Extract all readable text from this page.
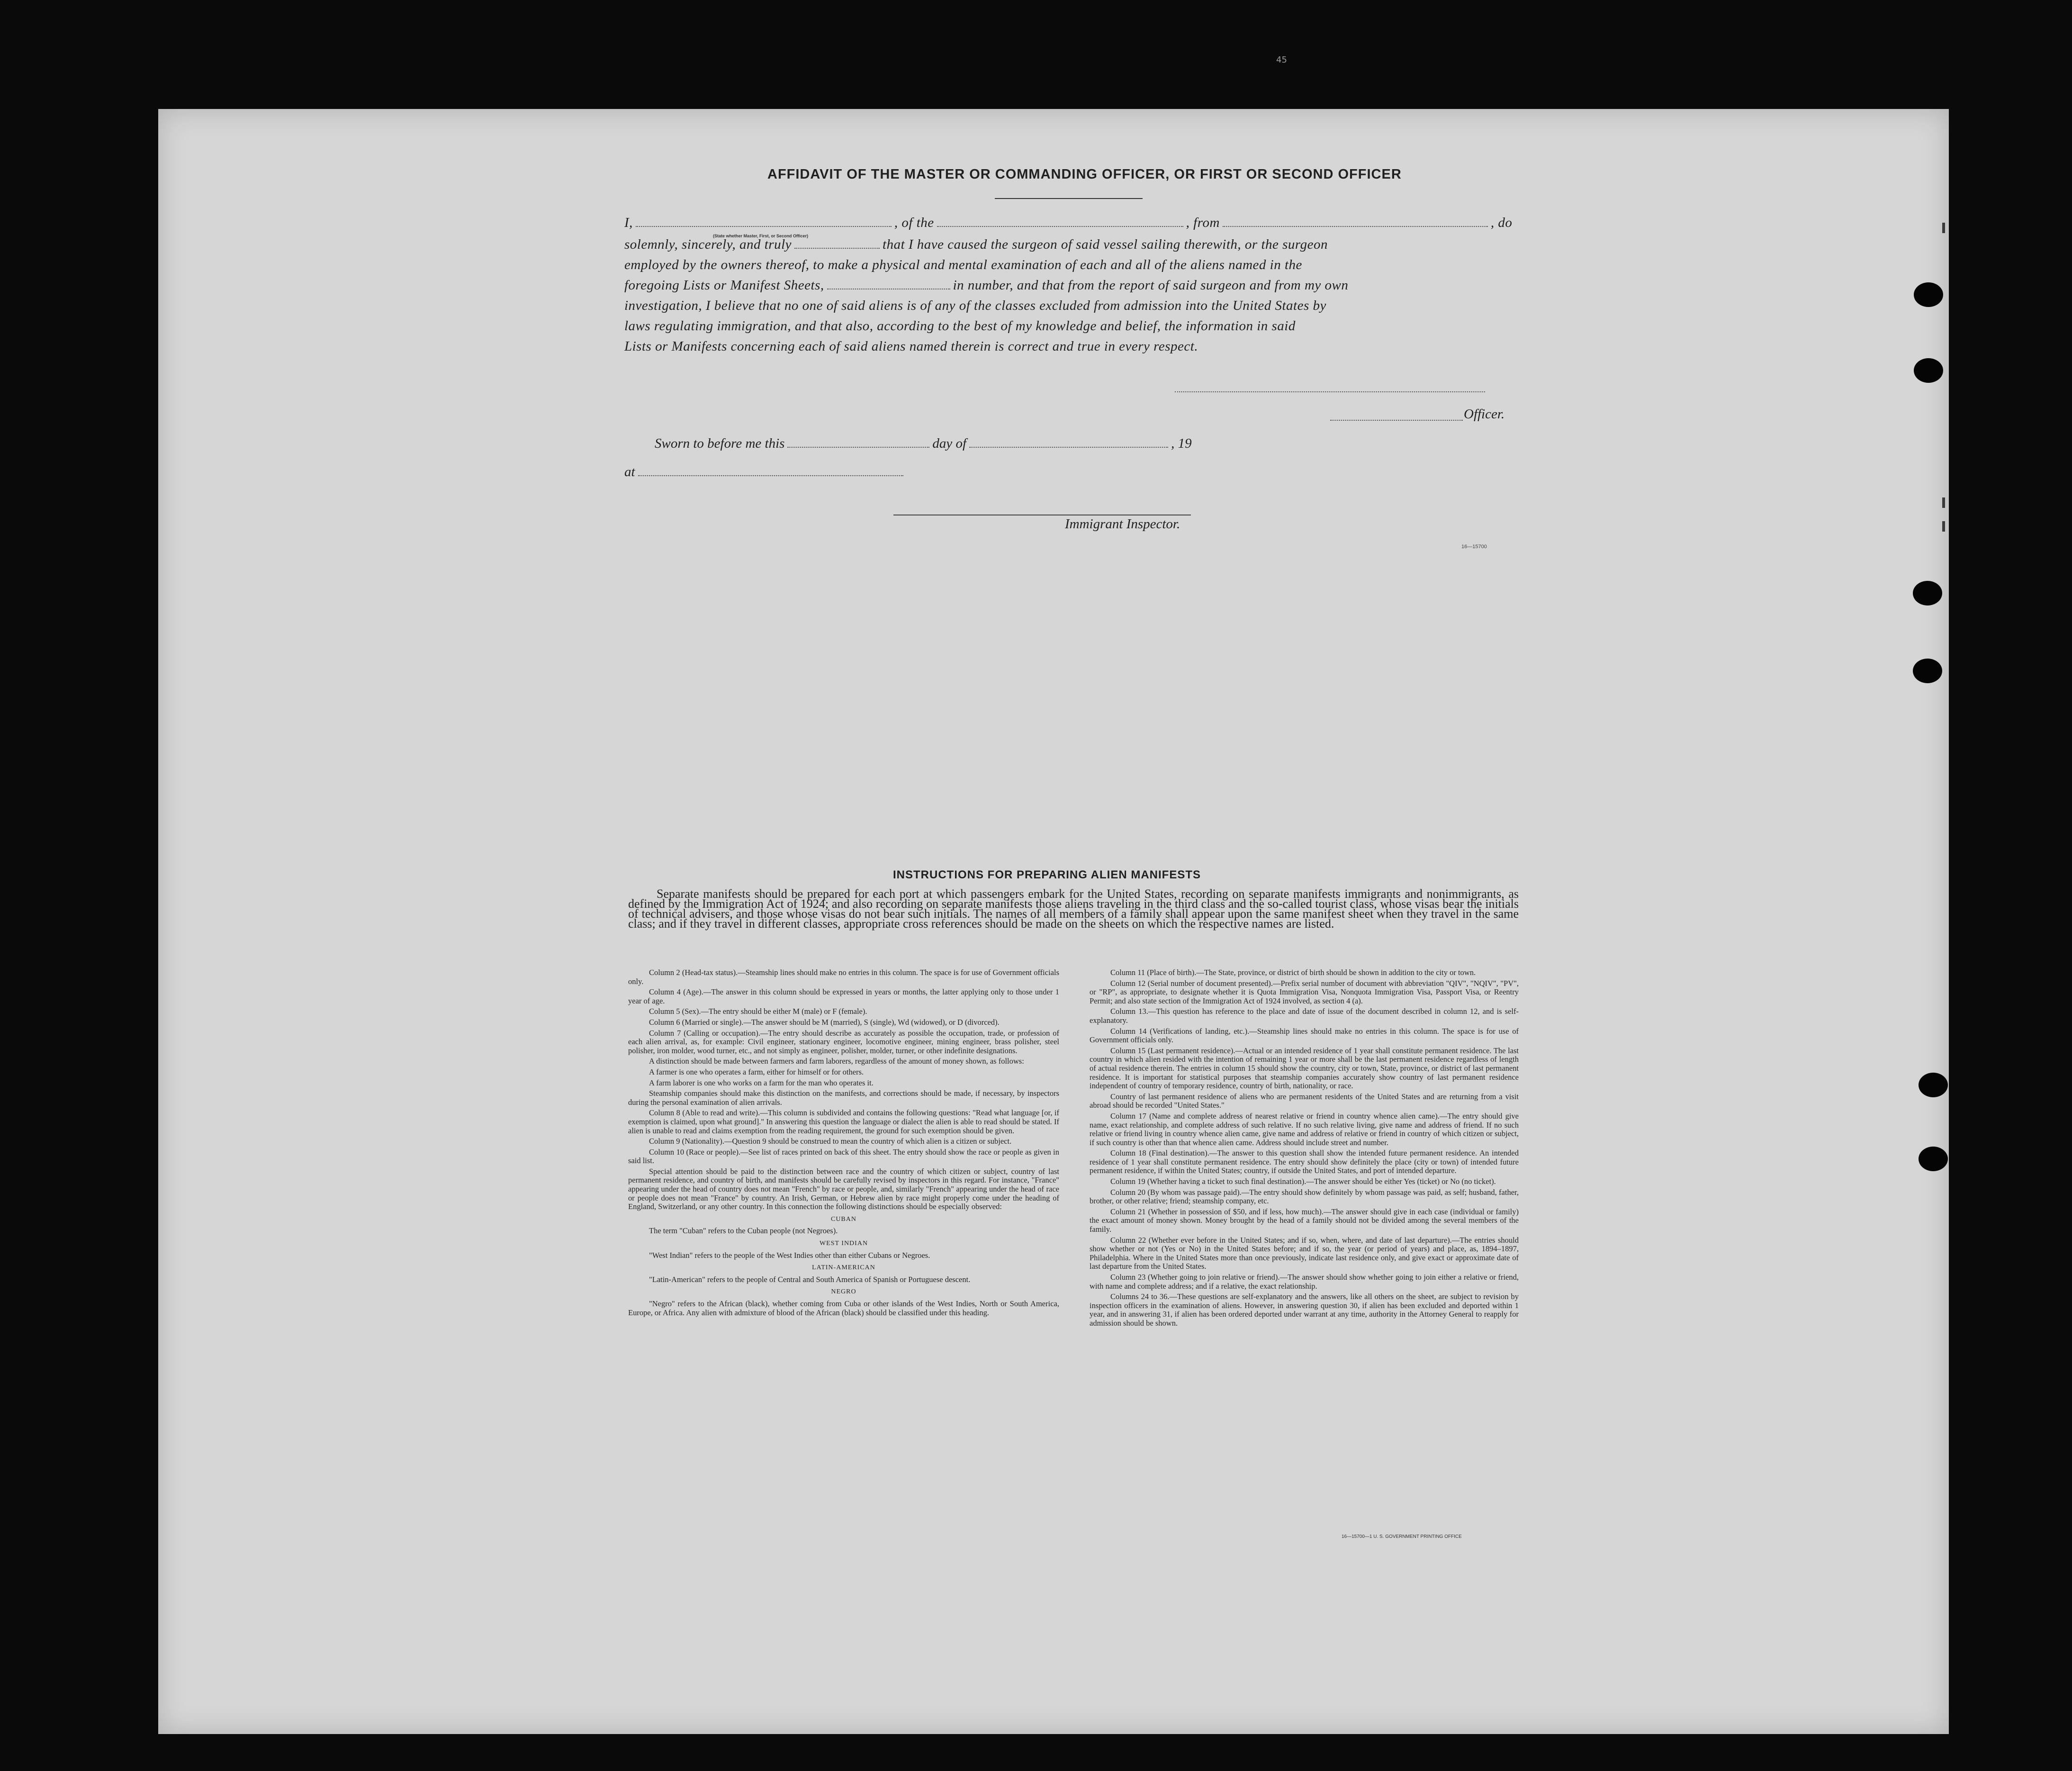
45
AFFIDAVIT OF THE MASTER OR COMMANDING OFFICER, OR FIRST OR SECOND OFFICER
I,	, of the	, from	, do
(State whether Master, First, or Second Officer)
solemnly, sincerely, and truly	that I have caused the surgeon of said vessel sailing therewith, or the surgeon
employed by the owners thereof, to make a physical and mental examination of each and all of the aliens named in the
foregoing Lists or Manifest Sheets,	in number, and that from the report of said surgeon and from my own
investigation, I believe that no one of said aliens is of any of the classes excluded from admission into the United States by
laws regulating immigration, and that also, according to the best of my knowledge and belief, the information in said
Lists or Manifests concerning each of said aliens named therein is correct and true in every respect.
Officer.
Sworn to before me this	day of	, 19
at
Immigrant Inspector.
16—15700
INSTRUCTIONS FOR PREPARING ALIEN MANIFESTS

Separate manifests should be prepared for each port at which passengers embark for the United States, recording on separate manifests immigrants and nonimmigrants, as defined by the Immigration Act of 1924; and also recording on separate manifests those aliens traveling in the third class and the so-called tourist class, whose visas bear the initials of technical advisers, and those whose visas do not bear such initials. The names of all members of a family shall appear upon the same manifest sheet when they travel in the same class; and if they travel in different classes, appropriate cross references should be made on the sheets on which the respective names are listed.

Column 2 (Head-tax status).—Steamship lines should make no entries in this column. The space is for use of Government officials only.

Column 4 (Age).—The answer in this column should be expressed in years or months, the latter applying only to those under 1 year of age.

Column 5 (Sex).—The entry should be either M (male) or F (female).

Column 6 (Married or single).—The answer should be M (married), S (single), Wd (widowed), or D (divorced).

Column 7 (Calling or occupation).—The entry should describe as accurately as possible the occupation, trade, or profession of each alien arrival, as, for example: Civil engineer, stationary engineer, locomotive engineer, mining engineer, brass polisher, steel polisher, iron molder, wood turner, etc., and not simply as engineer, polisher, molder, turner, or other indefinite designations.

A distinction should be made between farmers and farm laborers, regardless of the amount of money shown, as follows:

A farmer is one who operates a farm, either for himself or for others.

A farm laborer is one who works on a farm for the man who operates it.

Steamship companies should make this distinction on the manifests, and corrections should be made, if necessary, by inspectors during the personal examination of alien arrivals.

Column 8 (Able to read and write).—This column is subdivided and contains the following questions: "Read what language [or, if exemption is claimed, upon what ground]." In answering this question the language or dialect the alien is able to read should be stated. If alien is unable to read and claims exemption from the reading requirement, the ground for such exemption should be given.

Column 9 (Nationality).—Question 9 should be construed to mean the country of which alien is a citizen or subject.

Column 10 (Race or people).—See list of races printed on back of this sheet. The entry should show the race or people as given in said list.

Special attention should be paid to the distinction between race and the country of which citizen or subject, country of last permanent residence, and country of birth, and manifests should be carefully revised by inspectors in this regard. For instance, "France" appearing under the head of country does not mean "French" by race or people, and, similarly "French" appearing under the head of race or people does not mean "France" by country. An Irish, German, or Hebrew alien by race might properly come under the heading of England, Switzerland, or any other country. In this connection the following distinctions should be especially observed:

CUBAN

The term "Cuban" refers to the Cuban people (not Negroes).

WEST INDIAN

"West Indian" refers to the people of the West Indies other than either Cubans or Negroes.

LATIN-AMERICAN

"Latin-American" refers to the people of Central and South America of Spanish or Portuguese descent.

NEGRO

"Negro" refers to the African (black), whether coming from Cuba or other islands of the West Indies, North or South America, Europe, or Africa. Any alien with admixture of blood of the African (black) should be classified under this heading.

Column 11 (Place of birth).—The State, province, or district of birth should be shown in addition to the city or town.

Column 12 (Serial number of document presented).—Prefix serial number of document with abbreviation "QIV", "NQIV", "PV", or "RP", as appropriate, to designate whether it is Quota Immigration Visa, Nonquota Immigration Visa, Passport Visa, or Reentry Permit; and also state section of the Immigration Act of 1924 involved, as section 4 (a).

Column 13.—This question has reference to the place and date of issue of the document described in column 12, and is self-explanatory.

Column 14 (Verifications of landing, etc.).—Steamship lines should make no entries in this column. The space is for use of Government officials only.

Column 15 (Last permanent residence).—Actual or an intended residence of 1 year shall constitute permanent residence. The last country in which alien resided with the intention of remaining 1 year or more shall be the last permanent residence regardless of length of actual residence therein. The entries in column 15 should show the country, city or town, State, province, or district of last permanent residence. It is important for statistical purposes that steamship companies accurately show country of last permanent residence independent of country of temporary residence, country of birth, nationality, or race.

Country of last permanent residence of aliens who are permanent residents of the United States and are returning from a visit abroad should be recorded "United States."

Column 17 (Name and complete address of nearest relative or friend in country whence alien came).—The entry should give name, exact relationship, and complete address of such relative. If no such relative living, give name and address of friend. If no such relative or friend living in country whence alien came, give name and address of relative or friend in country of which citizen or subject, if such country is other than that whence alien came. Address should include street and number.

Column 18 (Final destination).—The answer to this question shall show the intended future permanent residence. An intended residence of 1 year shall constitute permanent residence. The entry should show definitely the place (city or town) of intended future permanent residence, if within the United States; country, if outside the United States, and port of intended departure.

Column 19 (Whether having a ticket to such final destination).—The answer should be either Yes (ticket) or No (no ticket).

Column 20 (By whom was passage paid).—The entry should show definitely by whom passage was paid, as self; husband, father, brother, or other relative; friend; steamship company, etc.

Column 21 (Whether in possession of $50, and if less, how much).—The answer should give in each case (individual or family) the exact amount of money shown. Money brought by the head of a family should not be divided among the several members of the family.

Column 22 (Whether ever before in the United States; and if so, when, where, and date of last departure).—The entries should show whether or not (Yes or No) in the United States before; and if so, the year (or period of years) and place, as, 1894–1897, Philadelphia. Where in the United States more than once previously, indicate last residence only, and give exact or approximate date of last departure from the United States.

Column 23 (Whether going to join relative or friend).—The answer should show whether going to join either a relative or friend, with name and complete address; and if a relative, the exact relationship.

Columns 24 to 36.—These questions are self-explanatory and the answers, like all others on the sheet, are subject to revision by inspection officers in the examination of aliens. However, in answering question 30, if alien has been excluded and deported within 1 year, and in answering 31, if alien has been ordered deported under warrant at any time, authority in the Attorney General to reapply for admission should be shown.

16—15700—1 U. S. GOVERNMENT PRINTING OFFICE
